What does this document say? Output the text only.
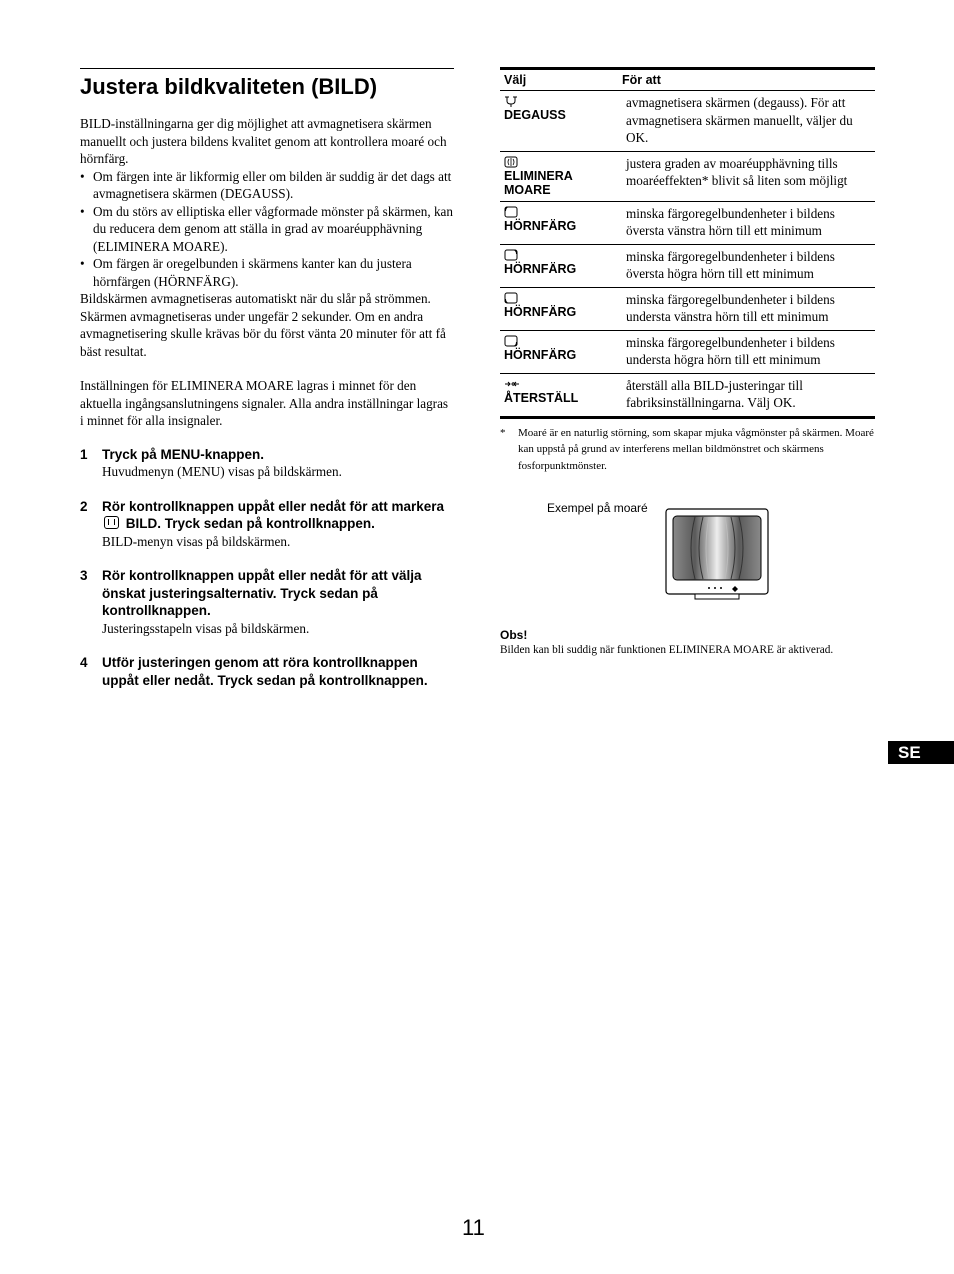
Justera bildkvaliteten (BILD)

BILD-inställningarna ger dig möjlighet att avmagnetisera skärmen manuellt och justera bildens kvalitet genom att kontrollera moaré och hörnfärg.

• Om färgen inte är likformig eller om bilden är suddig är det dags att avmagnetisera skärmen (DEGAUSS).
• Om du störs av elliptiska eller vågformade mönster på skärmen, kan du reducera dem genom att ställa in grad av moaréupphävning (ELIMINERA MOARE).
• Om färgen är oregelbunden i skärmens kanter kan du justera hörnfärgen (HÖRNFÄRG).

Bildskärmen avmagnetiseras automatiskt när du slår på strömmen.

Skärmen avmagnetiseras under ungefär 2 sekunder. Om en andra avmagnetisering skulle krävas bör du först vänta 20 minuter för att få bäst resultat.

Inställningen för ELIMINERA MOARE lagras i minnet för den aktuella ingångsanslutningens signaler. Alla andra inställningar lagras i minnet för alla insignaler.

1	Tryck på MENU-knappen.
Huvudmenyn (MENU) visas på bildskärmen.
2	Rör kontrollknappen uppåt eller nedåt för att markera  BILD. Tryck sedan på kontrollknappen.
BILD-menyn visas på bildskärmen.
3	Rör kontrollknappen uppåt eller nedåt för att välja önskat justeringsalternativ. Tryck sedan på kontrollknappen.
Justeringsstapeln visas på bildskärmen.
4	Utför justeringen genom att röra kontrollknappen uppåt eller nedåt. Tryck sedan på kontrollknappen.
Välj	För att

DEGAUSS	avmagnetisera skärmen (degauss). För att avmagnetisera skärmen manuellt, väljer du OK.

ELIMINERA MOARE	justera graden av moaréupphävning tills moaréeffekten* blivit så liten som möjligt

HÖRNFÄRG	minska färgoregelbundenheter i bildens översta vänstra hörn till ett minimum

HÖRNFÄRG	minska färgoregelbundenheter i bildens översta högra hörn till ett minimum

HÖRNFÄRG	minska färgoregelbundenheter i bildens understa vänstra hörn till ett minimum

HÖRNFÄRG	minska färgoregelbundenheter i bildens understa högra hörn till ett minimum

ÅTERSTÄLL	återställ alla BILD-justeringar till fabriksinställningarna. Välj OK.
*	Moaré är en naturlig störning, som skapar mjuka vågmönster på skärmen. Moaré kan uppstå på grund av interferens mellan bildmönstret och skärmens fosforpunktmönster.
Exempel på moaré
Obs!
Bilden kan bli suddig när funktionen ELIMINERA MOARE är aktiverad.
SE
11
